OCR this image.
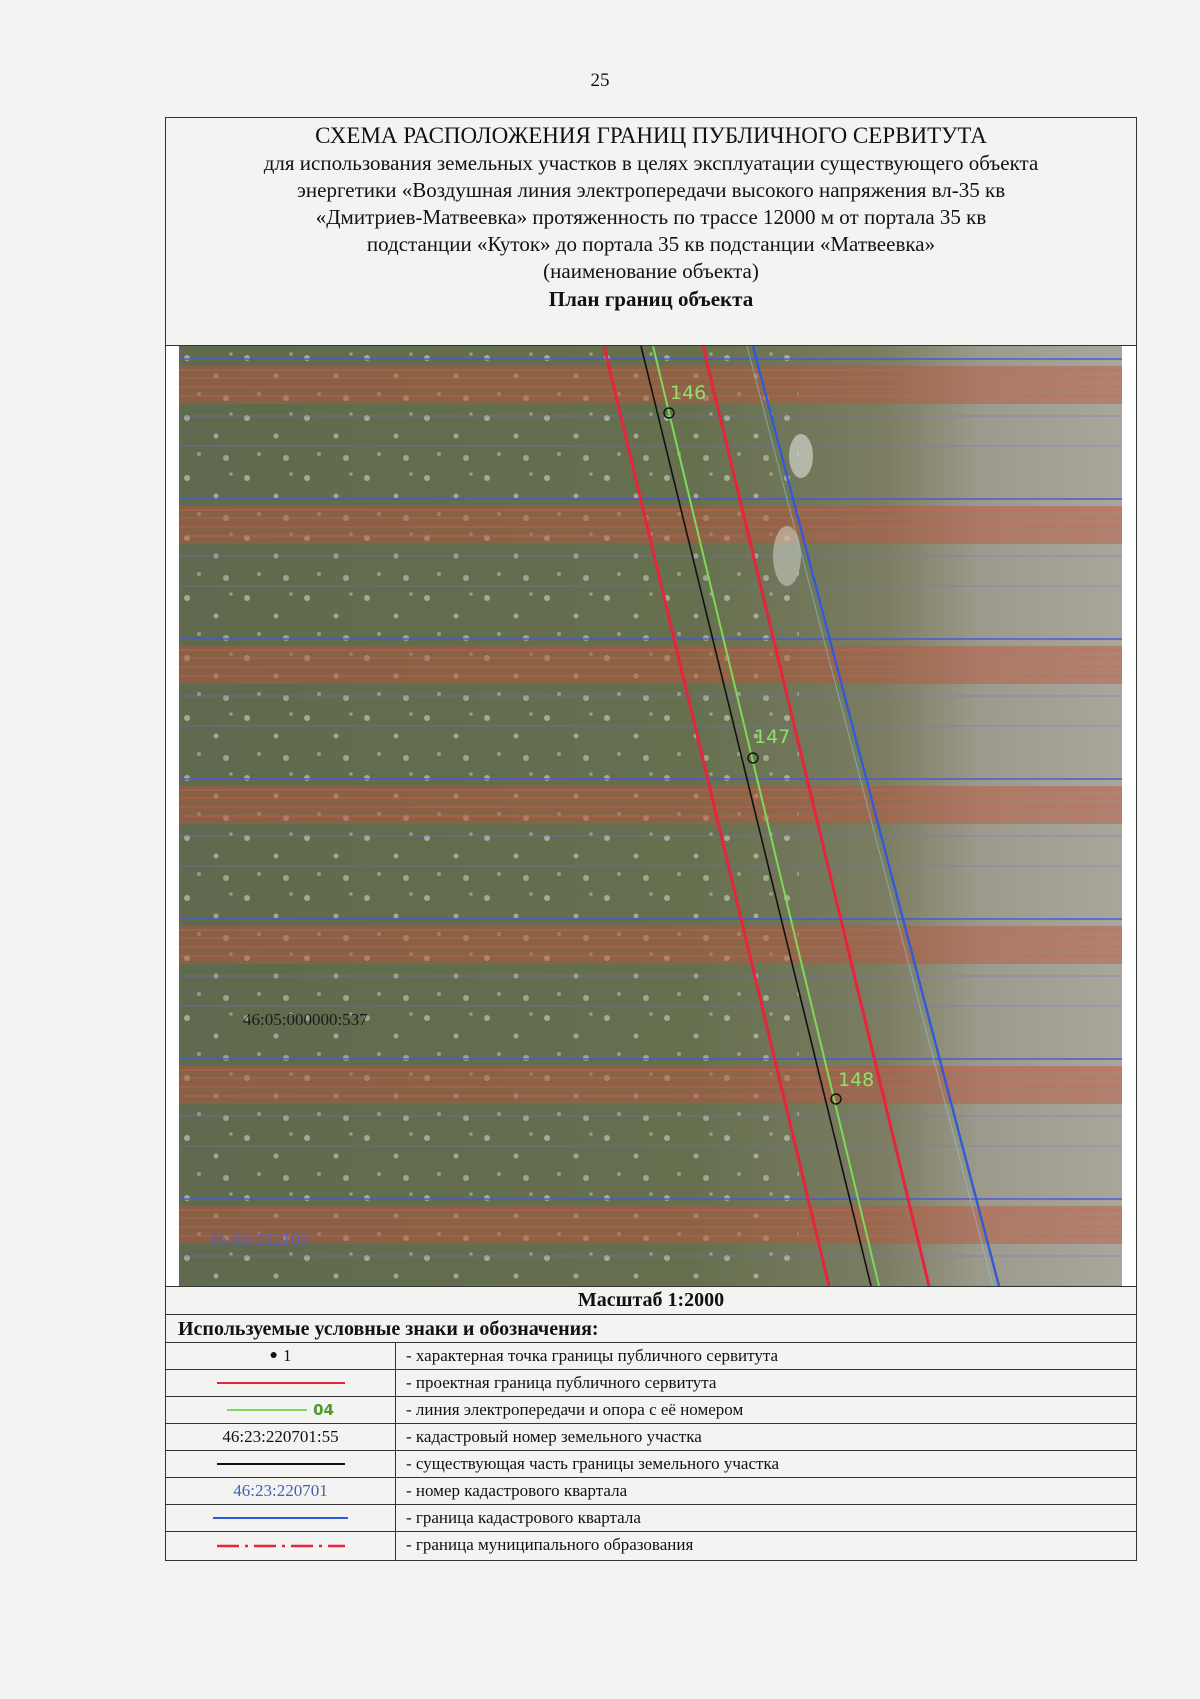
25
СХЕМА РАСПОЛОЖЕНИЯ ГРАНИЦ ПУБЛИЧНОГО СЕРВИТУТА
для использования земельных участков в целях эксплуатации существующего объекта
энергетики «Воздушная линия электропередачи высокого напряжения вл-35 кв
«Дмитриев-Матвеевка» протяженность по трассе 12000 м от портала 35 кв
подстанции «Куток» до портала 35 кв подстанции «Матвеевка»
(наименование объекта)
План границ объекта
146
147
148
46:05:000000:537
46:05:192105
Масштаб 1:2000
Используемые условные знаки и обозначения:
● 1	- характерная точка границы публичного сервитута
- проектная граница публичного сервитута
04	- линия электропередачи и опора с её номером
46:23:220701:55	- кадастровый номер земельного участка
- существующая часть границы земельного участка
46:23:220701	- номер кадастрового квартала
- граница кадастрового квартала
- граница муниципального образования
